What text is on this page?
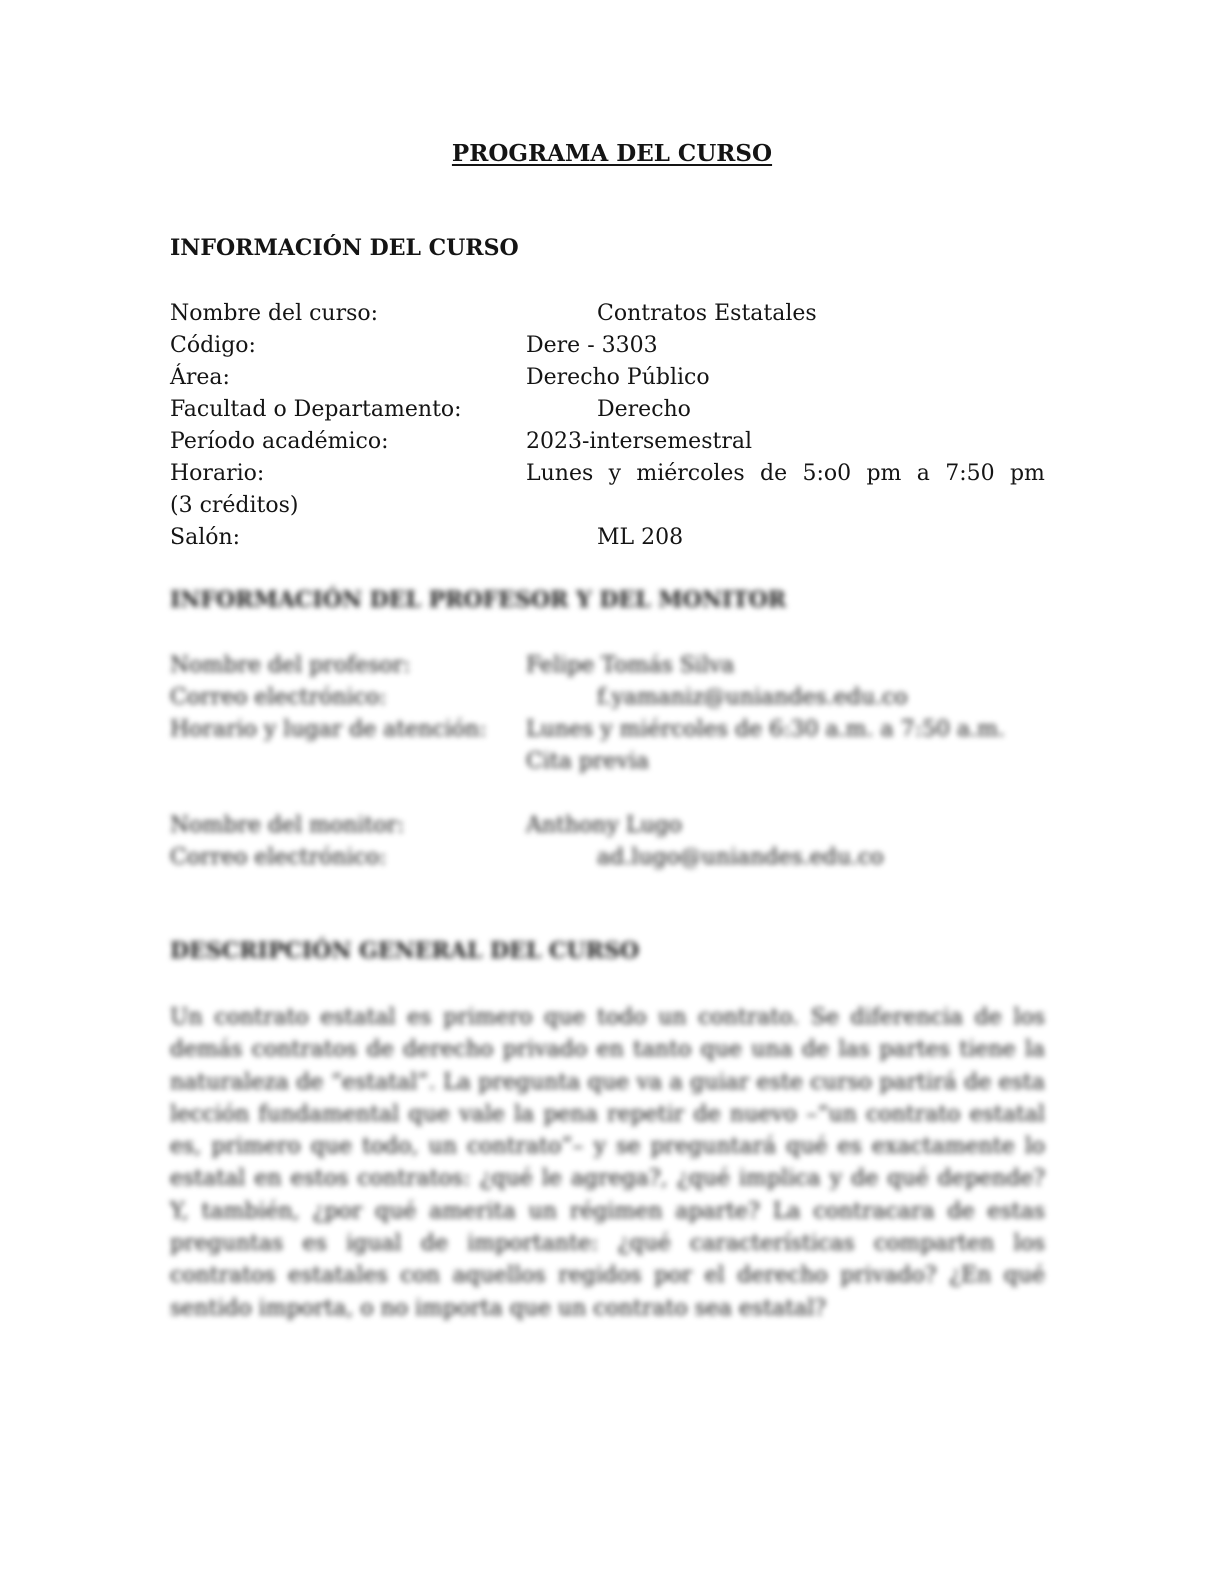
PROGRAMA DEL CURSO
INFORMACIÓN DEL CURSO
Nombre del curso:	Contratos Estatales
Código:	Dere - 3303
Área:	Derecho Público
Facultad o Departamento:	Derecho
Período académico:	2023-intersemestral
Horario:	Lunes y miércoles de 5:o0 pm a 7:50 pm
(3 créditos)
Salón:	ML 208
INFORMACIÓN DEL PROFESOR Y DEL MONITOR
Nombre del profesor:	Felipe Tomás Silva
Correo electrónico:	f.yamaniz@uniandes.edu.co
Horario y lugar de atención: Lunes y miércoles de 6:30 a.m. a 7:50 a.m.
Cita previa
Nombre del monitor:	Anthony Lugo
Correo electrónico:	ad.lugo@uniandes.edu.co
DESCRIPCIÓN GENERAL DEL CURSO

Un contrato estatal es primero que todo un contrato. Se diferencia de los demás contratos de derecho privado en tanto que una de las partes tiene la naturaleza de “estatal”. La pregunta que va a guiar este curso partirá de esta lección fundamental que vale la pena repetir de nuevo –“un contrato estatal es, primero que todo, un contrato”– y se preguntará qué es exactamente lo estatal en estos contratos: ¿qué le agrega?, ¿qué implica y de qué depende? Y, también, ¿por qué amerita un régimen aparte? La contracara de estas preguntas es igual de importante: ¿qué características comparten los contratos estatales con aquellos regidos por el derecho privado? ¿En qué sentido importa, o no importa que un contrato sea estatal?
